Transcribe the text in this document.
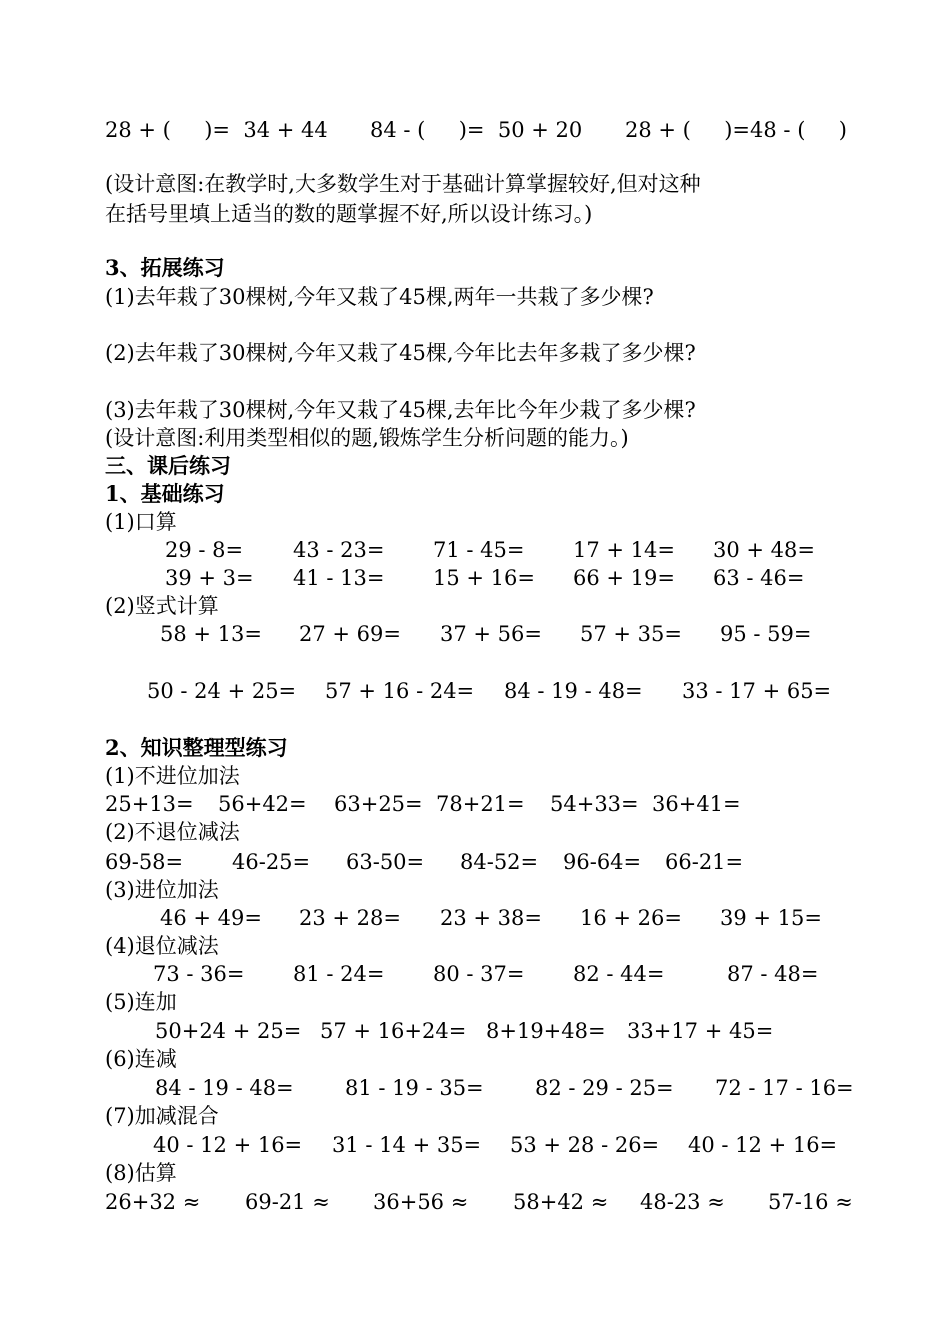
28 + (     )=  34 + 44 84 - (     )=  50 + 20 28 + (     )=48 - (     )
(设计意图:在教学时,大多数学生对于基础计算掌握较好,但对这种
在括号里填上适当的数的题掌握不好,所以设计练习。)
3、拓展练习
(1)去年栽了30棵树,今年又栽了45棵,两年一共栽了多少棵?
(2)去年栽了30棵树,今年又栽了45棵,今年比去年多栽了多少棵?
(3)去年栽了30棵树,今年又栽了45棵,去年比今年少栽了多少棵?
(设计意图:利用类型相似的题,锻炼学生分析问题的能力。)
三、课后练习
1、基础练习
(1)口算
29 - 8= 43 - 23= 71 - 45= 17 + 14= 30 + 48=
39 + 3= 41 - 13= 15 + 16= 66 + 19= 63 - 46=
(2)竖式计算
58 + 13= 27 + 69= 37 + 56= 57 + 35= 95 - 59=
50 - 24 + 25= 57 + 16 - 24= 84 - 19 - 48= 33 - 17 + 65=
2、知识整理型练习
(1)不进位加法
25+13= 56+42= 63+25= 78+21= 54+33= 36+41=
(2)不退位减法
69-58= 46-25= 63-50= 84-52= 96-64= 66-21=
(3)进位加法
46 + 49= 23 + 28= 23 + 38= 16 + 26= 39 + 15=
(4)退位减法
73 - 36= 81 - 24= 80 - 37= 82 - 44=	87 - 48=
(5)连加
50+24 + 25= 57 + 16+24= 8+19+48= 33+17 + 45=
(6)连减
84 - 19 - 48= 81 - 19 - 35= 82 - 29 - 25= 72 - 17 - 16=
(7)加减混合
40 - 12 + 16= 31 - 14 + 35= 53 + 28 - 26= 40 - 12 + 16=
(8)估算
26+32 ≈ 69-21 ≈ 36+56 ≈ 58+42 ≈ 48-23 ≈ 57-16 ≈
